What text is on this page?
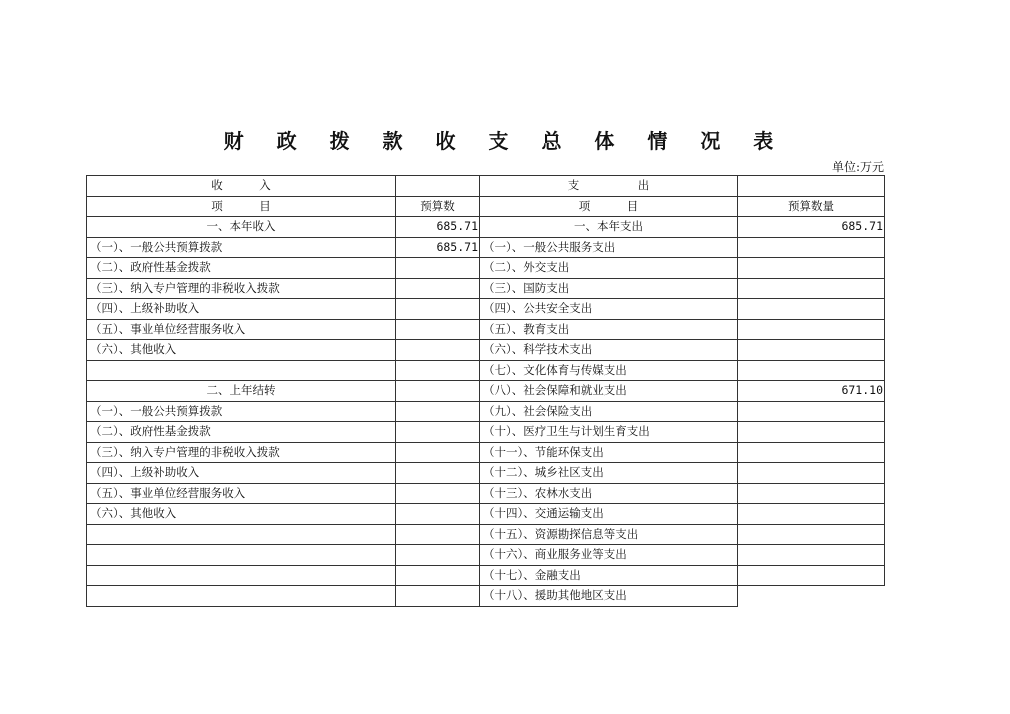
财 政 拨 款 收 支 总 体 情 况 表
单位:万元
收          入		支                出	
项          目	预算数	项          目	预算数量
一、本年收入	685.71	一、本年支出	685.71
（一）、一般公共预算拨款	685.71	（一）、一般公共服务支出	
（二）、政府性基金拨款		（二）、外交支出	
（三）、纳入专户管理的非税收入拨款		（三）、国防支出	
（四）、上级补助收入		（四）、公共安全支出	
（五）、事业单位经营服务收入		（五）、教育支出	
（六）、其他收入		（六）、科学技术支出	
		（七）、文化体育与传媒支出	
二、上年结转		（八）、社会保障和就业支出	671.10
（一）、一般公共预算拨款		（九）、社会保险支出	
（二）、政府性基金拨款		（十）、医疗卫生与计划生育支出	
（三）、纳入专户管理的非税收入拨款		（十一）、节能环保支出	
（四）、上级补助收入		（十二）、城乡社区支出	
（五）、事业单位经营服务收入		（十三）、农林水支出	
（六）、其他收入		（十四）、交通运输支出	
		（十五）、资源勘探信息等支出	
		（十六）、商业服务业等支出	
		（十七）、金融支出	
		（十八）、援助其他地区支出	
